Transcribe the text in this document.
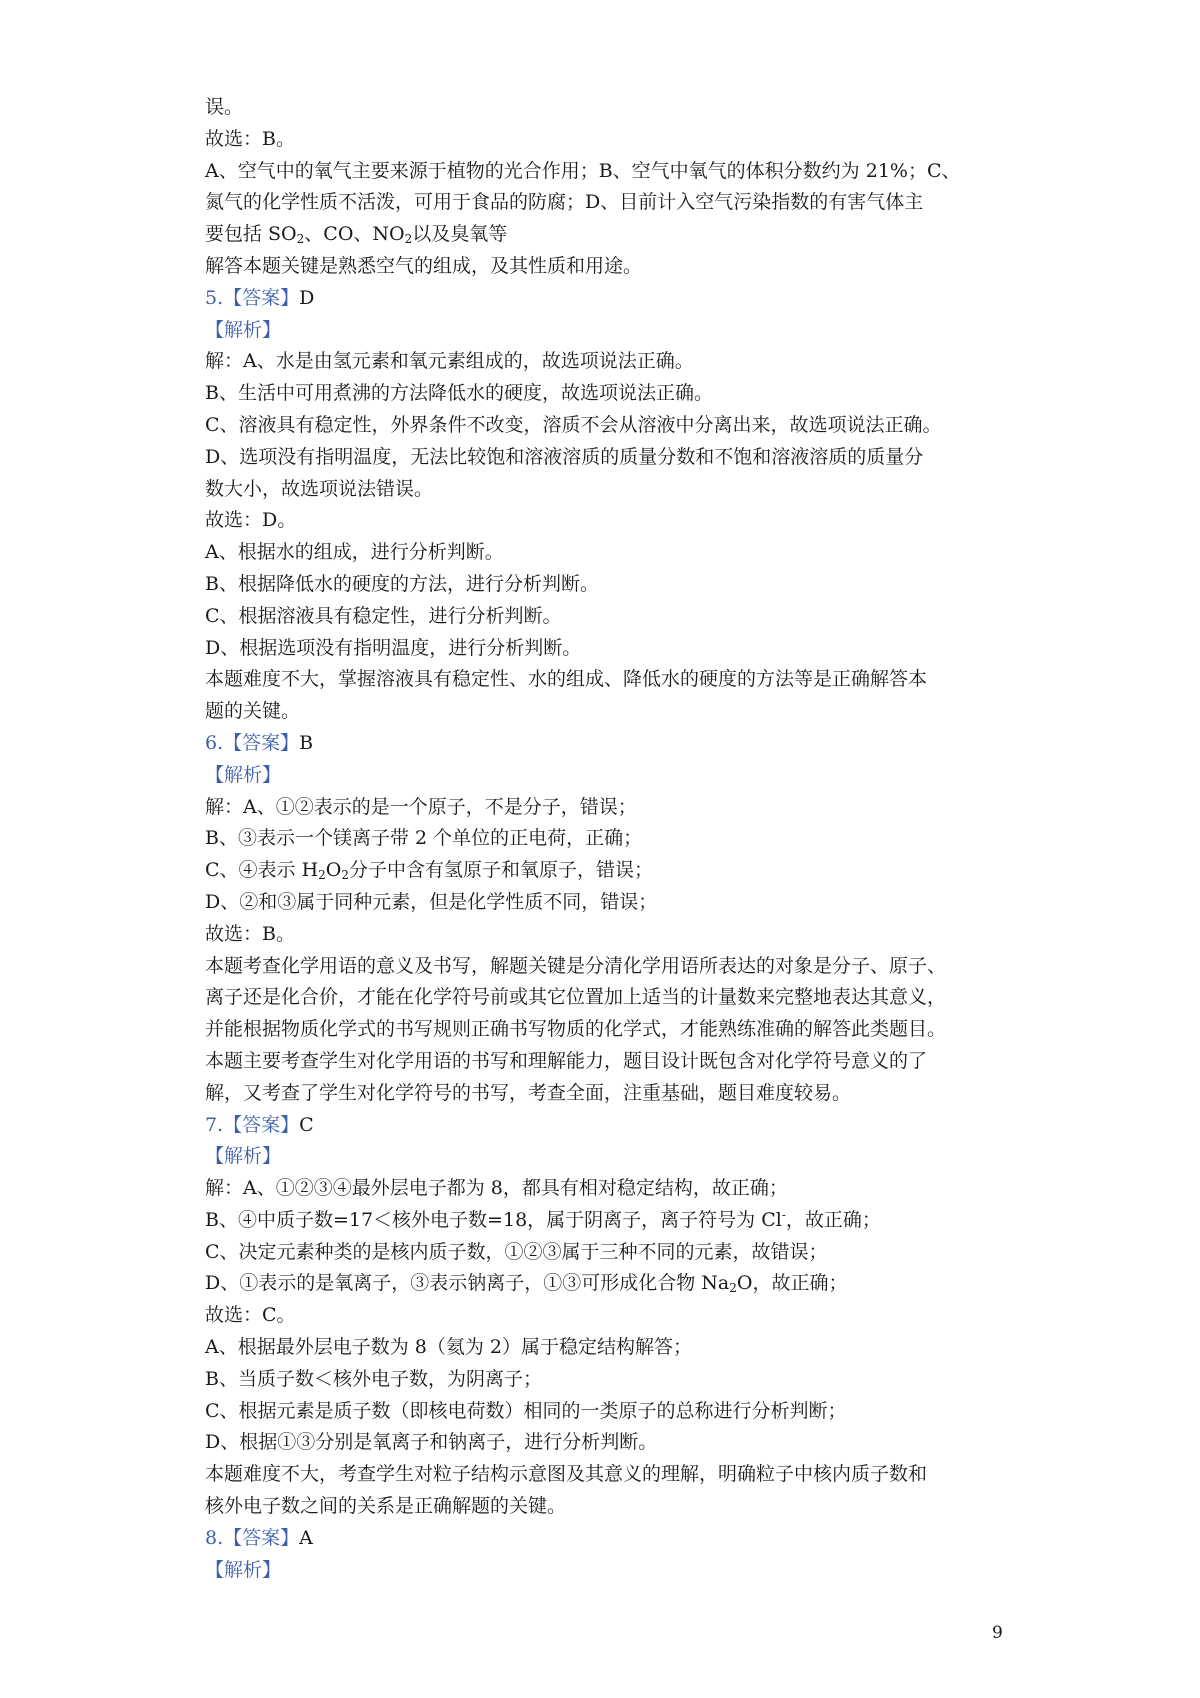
误。
故选：B。
A、空气中的氧气主要来源于植物的光合作用；B、空气中氧气的体积分数约为 21%；C、
氮气的化学性质不活泼，可用于食品的防腐；D、目前计入空气污染指数的有害气体主
要包括 $SO_2$、CO、$NO_2$以及臭氧等
解答本题关键是熟悉空气的组成，及其性质和用途。
5.【答案】D
【解析】
解：A、水是由氢元素和氧元素组成的，故选项说法正确。
B、生活中可用煮沸的方法降低水的硬度，故选项说法正确。
C、溶液具有稳定性，外界条件不改变，溶质不会从溶液中分离出来，故选项说法正确。
D、选项没有指明温度，无法比较饱和溶液溶质的质量分数和不饱和溶液溶质的质量分
数大小，故选项说法错误。
故选：D。
A、根据水的组成，进行分析判断。
B、根据降低水的硬度的方法，进行分析判断。
C、根据溶液具有稳定性，进行分析判断。
D、根据选项没有指明温度，进行分析判断。
本题难度不大，掌握溶液具有稳定性、水的组成、降低水的硬度的方法等是正确解答本
题的关键。
6.【答案】B
【解析】
解：A、①②表示的是一个原子，不是分子，错误；
B、③表示一个镁离子带 2 个单位的正电荷，正确；
C、④表示 $H_2O_2$分子中含有氢原子和氧原子，错误；
D、②和③属于同种元素，但是化学性质不同，错误；
故选：B。
本题考查化学用语的意义及书写，解题关键是分清化学用语所表达的对象是分子、原子、
离子还是化合价，才能在化学符号前或其它位置加上适当的计量数来完整地表达其意义，
并能根据物质化学式的书写规则正确书写物质的化学式，才能熟练准确的解答此类题目。
本题主要考查学生对化学用语的书写和理解能力，题目设计既包含对化学符号意义的了
解，又考查了学生对化学符号的书写，考查全面，注重基础，题目难度较易。
7.【答案】C
【解析】
解：A、①②③④最外层电子都为 8，都具有相对稳定结构，故正确；
B、④中质子数=17＜核外电子数=18，属于阴离子，离子符号为 Cl-，故正确；
C、决定元素种类的是核内质子数，①②③属于三种不同的元素，故错误；
D、①表示的是氧离子，③表示钠离子，①③可形成化合物 $Na_2O$，故正确；
故选：C。
A、根据最外层电子数为 8（氦为 2）属于稳定结构解答；
B、当质子数＜核外电子数，为阴离子；
C、根据元素是质子数（即核电荷数）相同的一类原子的总称进行分析判断；
D、根据①③分别是氧离子和钠离子，进行分析判断。
本题难度不大，考查学生对粒子结构示意图及其意义的理解，明确粒子中核内质子数和
核外电子数之间的关系是正确解题的关键。
8.【答案】A
【解析】
9
